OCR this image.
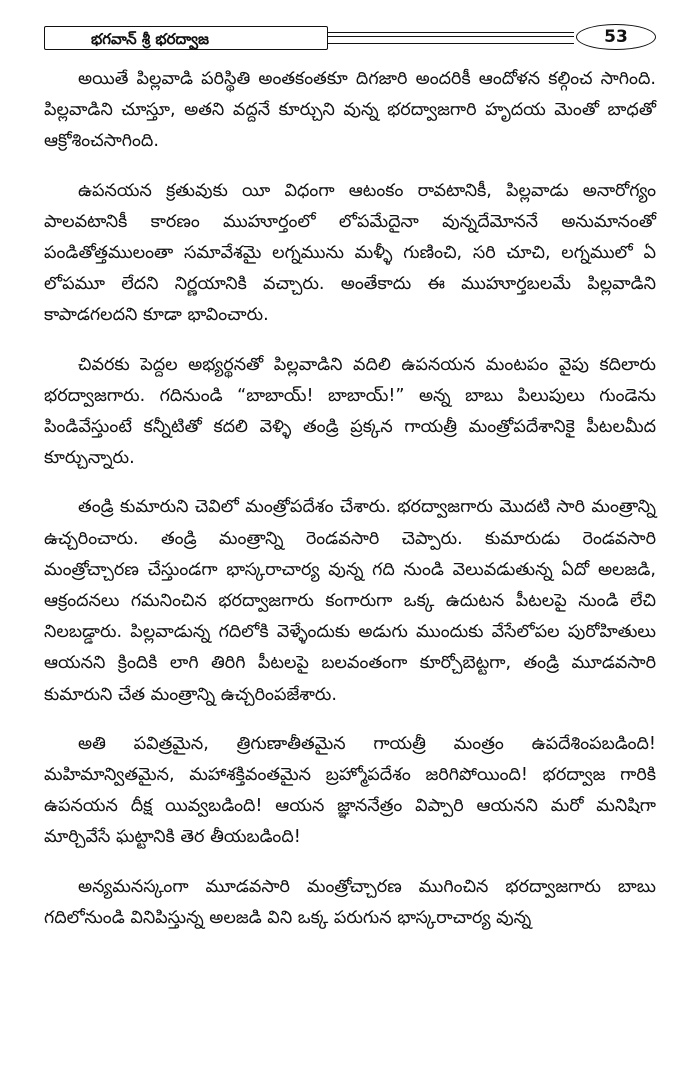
భగవాన్ శ్రీ భరద్వాజ	53

అయితే పిల్లవాడి పరిస్థితి అంతకంతకూ దిగజారి అందరికీ ఆందోళన కల్గించ సాగింది. పిల్లవాడిని చూస్తూ, అతని వద్దనే కూర్చుని వున్న భరద్వాజగారి హృదయ మెంతో బాధతో ఆక్రోశించసాగింది.

ఉపనయన క్రతువుకు యీ విధంగా ఆటంకం రావటానికీ, పిల్లవాడు అనారోగ్యం పాలవటానికీ కారణం ముహూర్తంలో లోపమేదైనా వున్నదేమోననే అనుమానంతో పండితోత్తములంతా సమావేశమై లగ్నమును మళ్ళీ గుణించి, సరి చూచి, లగ్నములో ఏ లోపమూ లేదని నిర్ణయానికి వచ్చారు. అంతేకాదు ఈ ముహూర్తబలమే పిల్లవాడిని కాపాడగలదని కూడా భావించారు.

చివరకు పెద్దల అభ్యర్థనతో పిల్లవాడిని వదిలి ఉపనయన మంటపం వైపు కదిలారు భరద్వాజగారు. గదినుండి “బాబాయ్! బాబాయ్!” అన్న బాబు పిలుపులు గుండెను పిండివేస్తుంటే కన్నీటితో కదలి వెళ్ళి తండ్రి ప్రక్కన గాయత్రీ మంత్రోపదేశానికై పీటలమీద కూర్చున్నారు.

తండ్రి కుమారుని చెవిలో మంత్రోపదేశం చేశారు. భరద్వాజగారు మొదటి సారి మంత్రాన్ని ఉచ్చరించారు. తండ్రి మంత్రాన్ని రెండవసారి చెప్పారు. కుమారుడు రెండవసారి మంత్రోచ్చారణ చేస్తుండగా భాస్కరాచార్య వున్న గది నుండి వెలువడుతున్న ఏదో అలజడి, ఆక్రందనలు గమనించిన భరద్వాజగారు కంగారుగా ఒక్క ఉదుటన పీటలపై నుండి లేచి నిలబడ్డారు. పిల్లవాడున్న గదిలోకి వెళ్ళేందుకు అడుగు ముందుకు వేసేలోపల పురోహితులు ఆయనని క్రిందికి లాగి తిరిగి పీటలపై బలవంతంగా కూర్చోబెట్టగా, తండ్రి మూడవసారి కుమారుని చేత మంత్రాన్ని ఉచ్చరింపజేశారు.

అతి పవిత్రమైన, త్రిగుణాతీతమైన గాయత్రీ మంత్రం ఉపదేశింపబడింది! మహిమాన్వితమైన, మహాశక్తివంతమైన బ్రహ్మోపదేశం జరిగిపోయింది! భరద్వాజ గారికి ఉపనయన దీక్ష యివ్వబడింది! ఆయన జ్ఞాననేత్రం విప్పారి ఆయనని మరో మనిషిగా మార్చివేసే ఘట్టానికి తెర తీయబడింది!

అన్యమనస్కంగా మూడవసారి మంత్రోచ్చారణ ముగించిన భరద్వాజగారు బాబు గదిలోనుండి వినిపిస్తున్న అలజడి విని ఒక్క పరుగున భాస్కరాచార్య వున్న
